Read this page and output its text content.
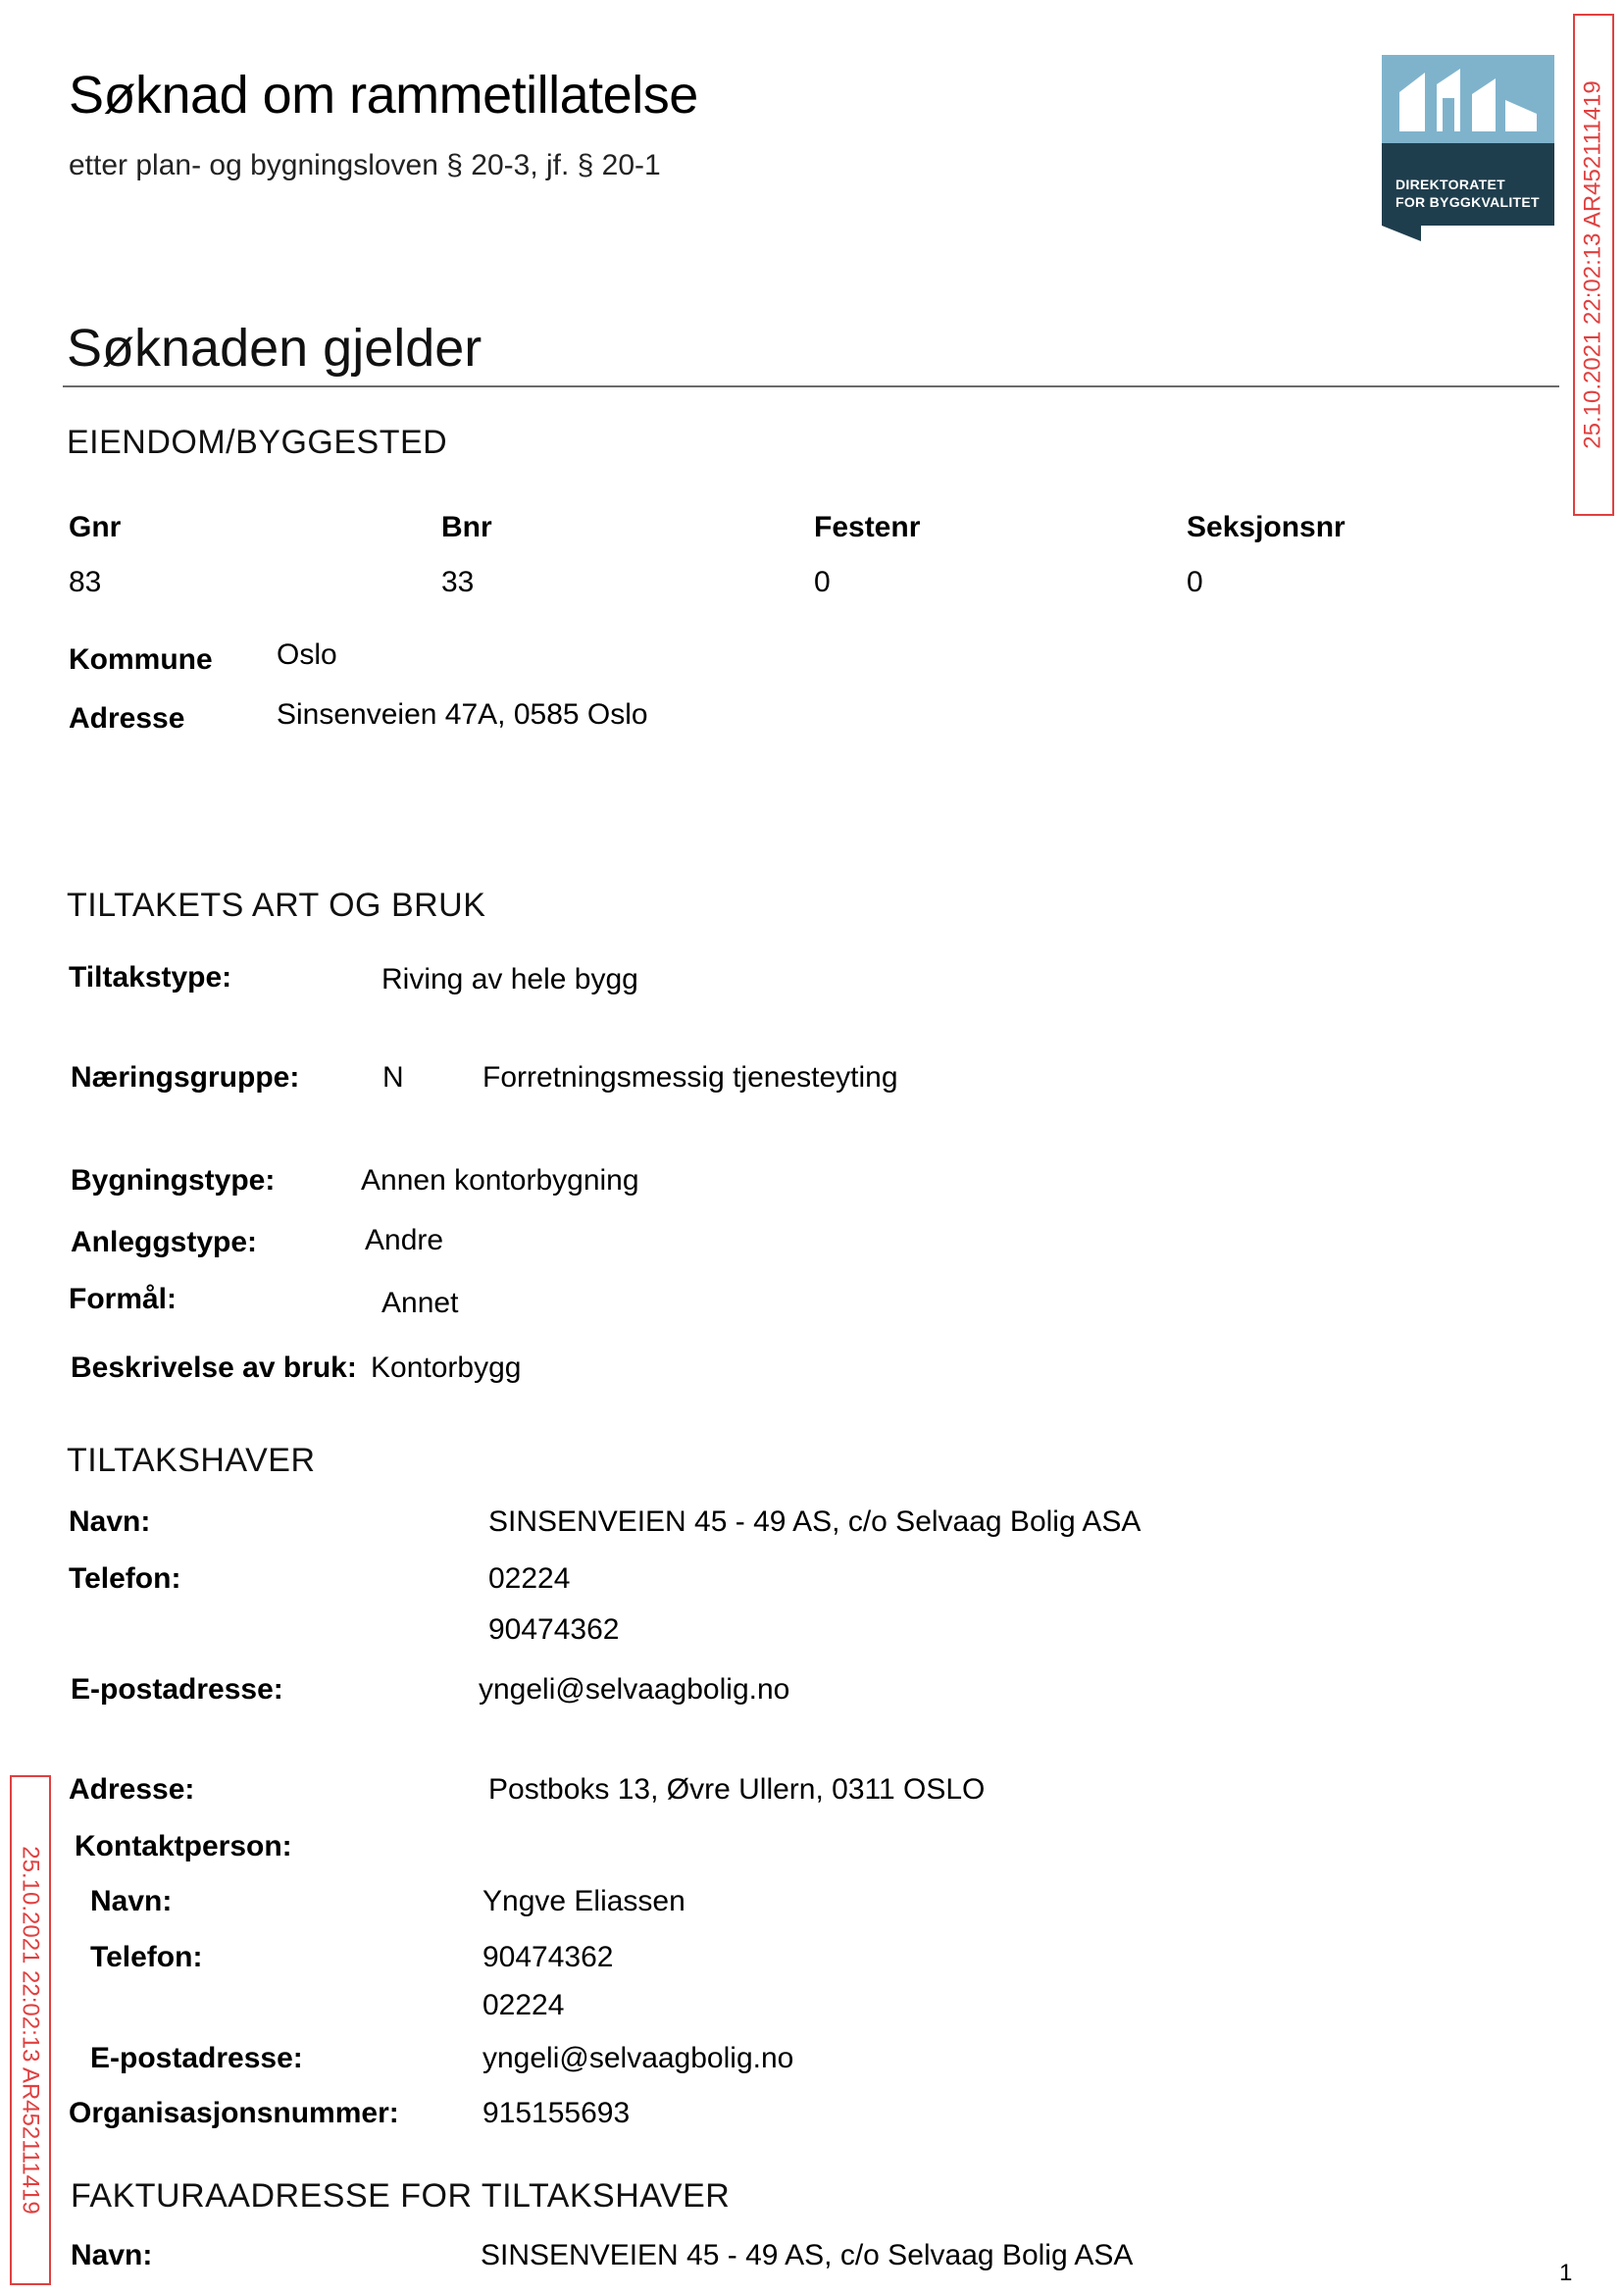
Søknad om rammetillatelse
etter plan- og bygningsloven § 20-3, jf. § 20-1
DIREKTORATET
FOR BYGGKVALITET 25.10.2021 22:02:13 AR452111419
25.10.2021 22:02:13 AR452111419
Søknaden gjelder
EIENDOM/BYGGESTED
Gnr	Bnr	Festenr	Seksjonsnr
83	33	0	0
Kommune Oslo
Adresse	Sinsenveien 47A, 0585 Oslo
TILTAKETS ART OG BRUK
Tiltakstype:	Riving av hele bygg
Næringsgruppe:	N	Forretningsmessig tjenesteyting
Bygningstype:	Annen kontorbygning
Anleggstype:	Andre
Formål:	Annet
Beskrivelse av bruk: Kontorbygg
TILTAKSHAVER
Navn:	SINSENVEIEN 45 - 49 AS, c/o Selvaag Bolig ASA
Telefon:	02224
90474362
E-postadresse:	yngeli@selvaagbolig.no
Adresse:	Postboks 13, Øvre Ullern, 0311 OSLO
Kontaktperson:
Navn:	Yngve Eliassen
Telefon:	90474362
02224
E-postadresse:	yngeli@selvaagbolig.no
Organisasjonsnummer:	915155693
FAKTURAADRESSE FOR TILTAKSHAVER
Navn:	SINSENVEIEN 45 - 49 AS, c/o Selvaag Bolig ASA
1
